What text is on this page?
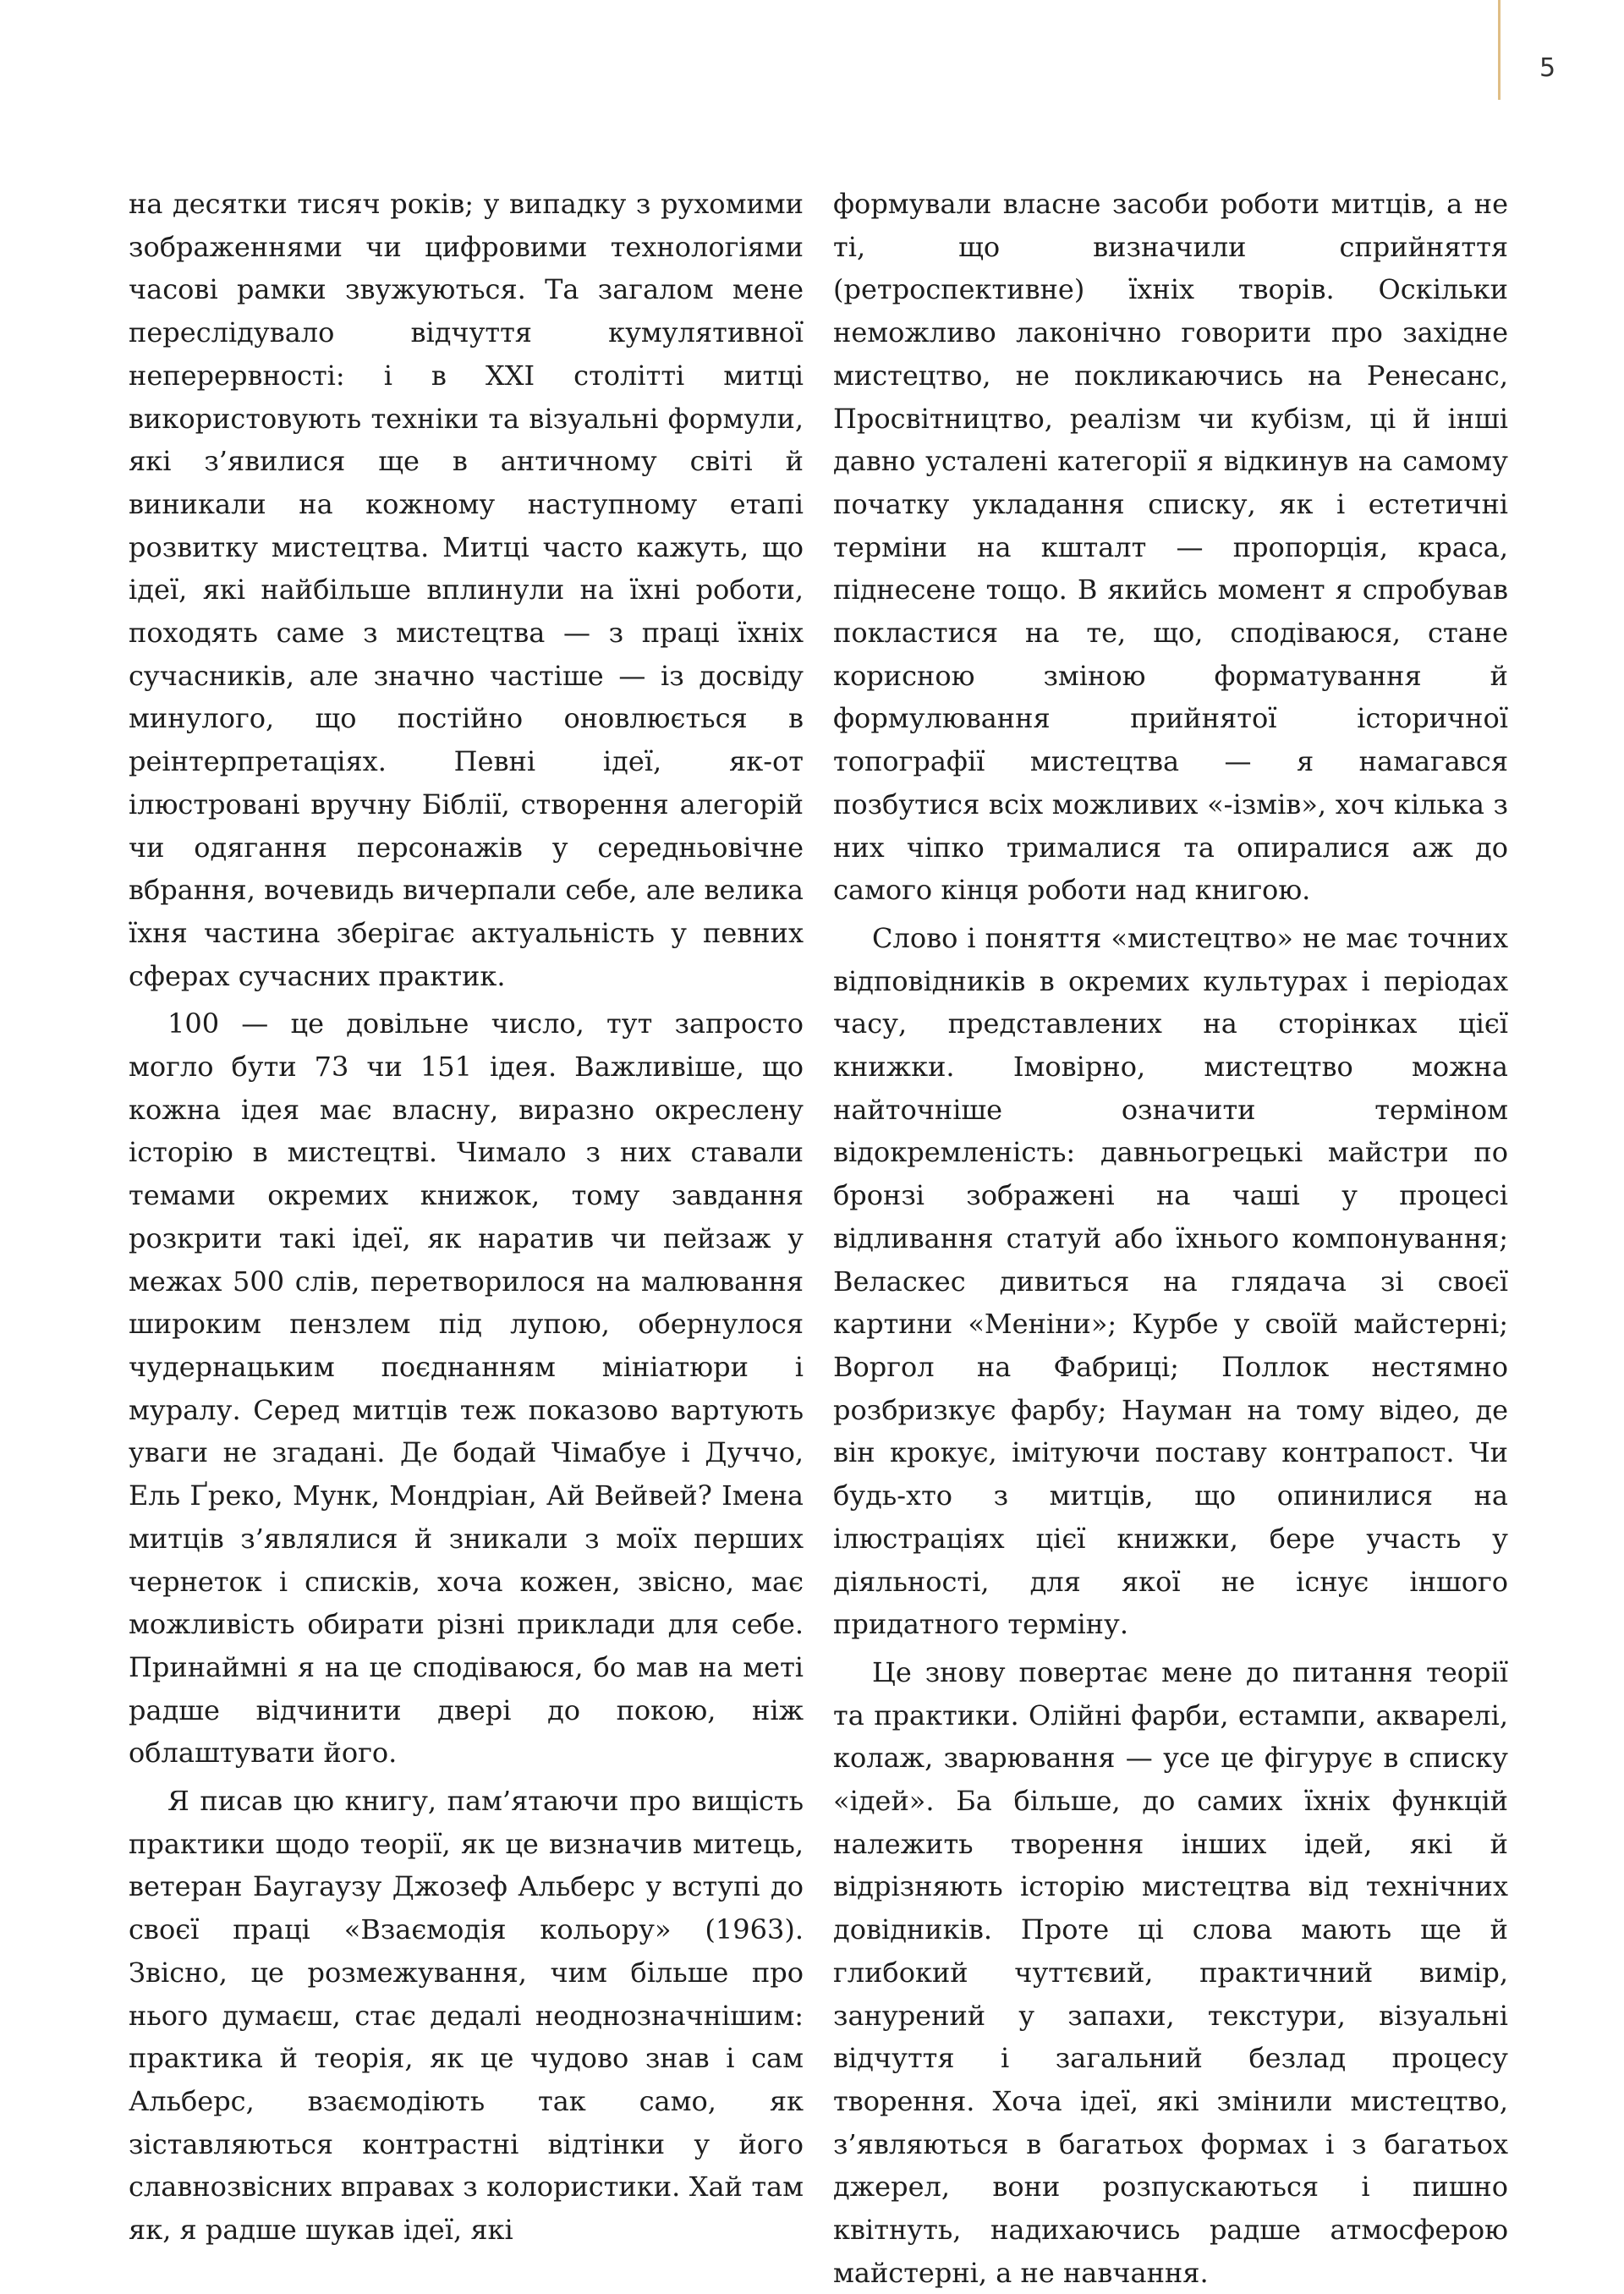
5

на десятки тисяч років; у випадку з рухомими зображеннями чи цифровими технологіями часові рамки звужуються. Та загалом мене переслідувало відчуття кумулятивної неперервності: і в XXI столітті митці використовують техніки та візуальні формули, які з’явилися ще в античному світі й виникали на кожному наступному етапі розвитку мистецтва. Митці часто кажуть, що ідеї, які найбільше вплинули на їхні роботи, походять саме з мистецтва — з праці їхніх сучасників, але значно частіше — із досвіду минулого, що постійно оновлюється в реінтерпретаціях. Певні ідеї, як-от ілюстровані вручну Біблії, створення алегорій чи одягання персонажів у середньовічне вбрання, вочевидь вичерпали себе, але велика їхня частина зберігає актуальність у певних сферах сучасних практик.

100 — це довільне число, тут запросто могло бути 73 чи 151 ідея. Важливіше, що кожна ідея має власну, виразно окреслену історію в мистецтві. Чимало з них ставали темами окремих книжок, тому завдання розкрити такі ідеї, як наратив чи пейзаж у межах 500 слів, перетворилося на малювання широким пензлем під лупою, обернулося чудернацьким поєднанням мініатюри і муралу. Серед митців теж показово вартують уваги не згадані. Де бодай Чімабуе і Дуччо, Ель Ґреко, Мунк, Мондріан, Ай Вейвей? Імена митців з’являлися й зникали з моїх перших чернеток і списків, хоча кожен, звісно, має можливість обирати різні приклади для себе. Принаймні я на це сподіваюся, бо мав на меті радше відчинити двері до покою, ніж облаштувати його.

Я писав цю книгу, пам’ятаючи про вищість практики щодо теорії, як це визначив митець, ветеран Баугаузу Джозеф Альберс у вступі до своєї праці «Взаємодія кольору» (1963). Звісно, це розмежування, чим більше про нього думаєш, стає дедалі неоднозначнішим: практика й теорія, як це чудово знав і сам Альберс, взаємодіють так само, як зіставляються контрастні відтінки у його славнозвісних вправах з колористики. Хай там як, я радше шукав ідеї, які

формували власне засоби роботи митців, а не ті, що визначили сприйняття (ретроспективне) їхніх творів. Оскільки неможливо лаконічно говорити про західне мистецтво, не покликаючись на Ренесанс, Просвітництво, реалізм чи кубізм, ці й інші давно усталені категорії я відкинув на самому початку укладання списку, як і естетичні терміни на кшталт — пропорція, краса, піднесене тощо. В якийсь момент я спробував покластися на те, що, сподіваюся, стане корисною зміною форматування й формулювання прийнятої історичної топографії мистецтва — я намагався позбутися всіх можливих «-ізмів», хоч кілька з них чіпко трималися та опиралися аж до самого кінця роботи над книгою.

Слово і поняття «мистецтво» не має точних відповідників в окремих культурах і періодах часу, представлених на сторінках цієї книжки. Імовірно, мистецтво можна найточніше означити терміном відокремленість: давньогрецькі майстри по бронзі зображені на чаші у процесі відливання статуй або їхнього компонування; Веласкес дивиться на глядача зі своєї картини «Меніни»; Курбе у своїй майстерні; Воргол на Фабриці; Поллок нестямно розбризкує фарбу; Науман на тому відео, де він крокує, імітуючи поставу контрапост. Чи будь-хто з митців, що опинилися на ілюстраціях цієї книжки, бере участь у діяльності, для якої не існує іншого придатного терміну.

Це знову повертає мене до питання теорії та практики. Олійні фарби, естампи, акварелі, колаж, зварювання — усе це фігурує в списку «ідей». Ба більше, до самих їхніх функцій належить творення інших ідей, які й відрізняють історію мистецтва від технічних довідників. Проте ці слова мають ще й глибокий чуттєвий, практичний вимір, занурений у запахи, текстури, візуальні відчуття і загальний безлад процесу творення. Хоча ідеї, які змінили мистецтво, з’являються в багатьох формах і з багатьох джерел, вони розпускаються і пишно квітнуть, надихаючись радше атмосферою майстерні, а не навчання.
